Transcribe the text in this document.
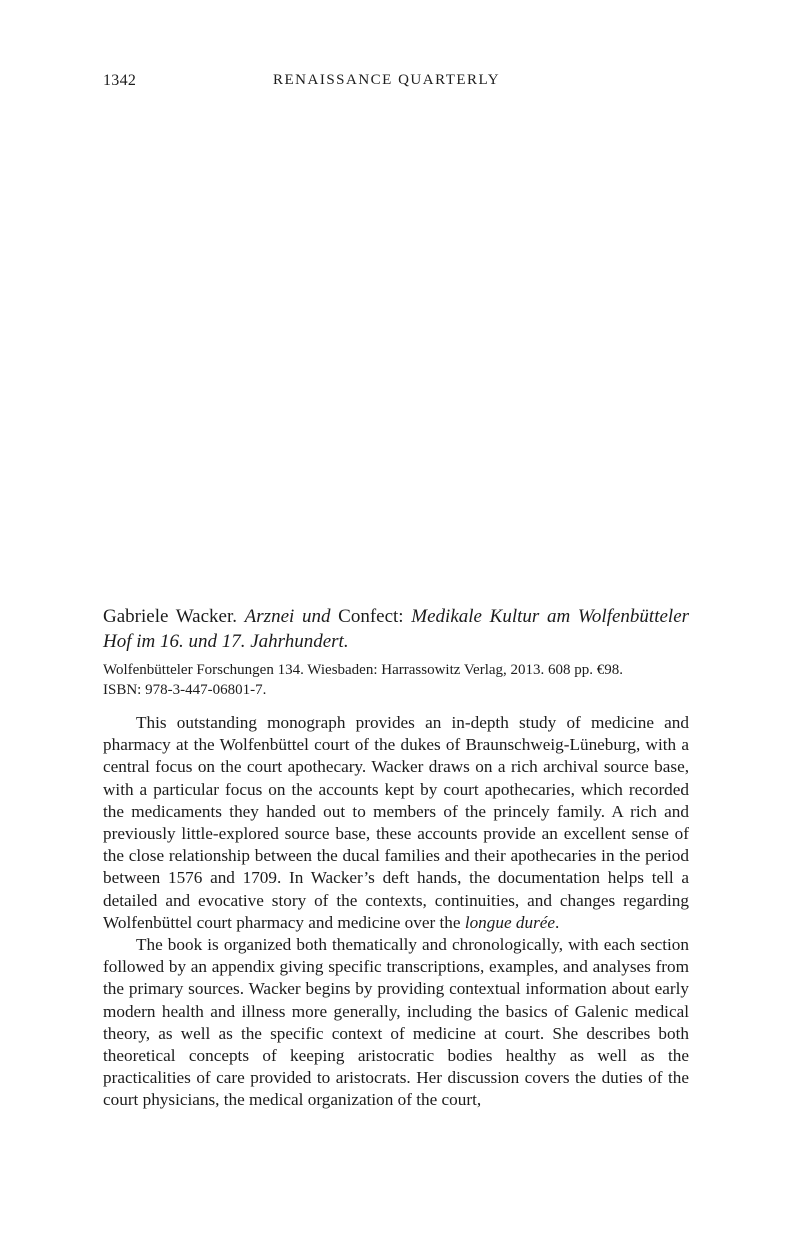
1342	RENAISSANCE QUARTERLY

Gabriele Wacker. Arznei und Confect: Medikale Kultur am Wolfenbütteler Hof im 16. und 17. Jahrhundert.

Wolfenbütteler Forschungen 134. Wiesbaden: Harrassowitz Verlag, 2013. 608 pp. €98.
ISBN: 978-3-447-06801-7.

This outstanding monograph provides an in-depth study of medicine and pharmacy at the Wolfenbüttel court of the dukes of Braunschweig-Lüneburg, with a central focus on the court apothecary. Wacker draws on a rich archival source base, with a particular focus on the accounts kept by court apothecaries, which recorded the medicaments they handed out to members of the princely family. A rich and previously little-explored source base, these accounts provide an excellent sense of the close relationship between the ducal families and their apothecaries in the period between 1576 and 1709. In Wacker’s deft hands, the documentation helps tell a detailed and evocative story of the contexts, continuities, and changes regarding Wolfenbüttel court pharmacy and medicine over the longue durée.

The book is organized both thematically and chronologically, with each section followed by an appendix giving specific transcriptions, examples, and analyses from the primary sources. Wacker begins by providing contextual information about early modern health and illness more generally, including the basics of Galenic medical theory, as well as the specific context of medicine at court. She describes both theoretical concepts of keeping aristocratic bodies healthy as well as the practicalities of care provided to aristocrats. Her discussion covers the duties of the court physicians, the medical organization of the court,
